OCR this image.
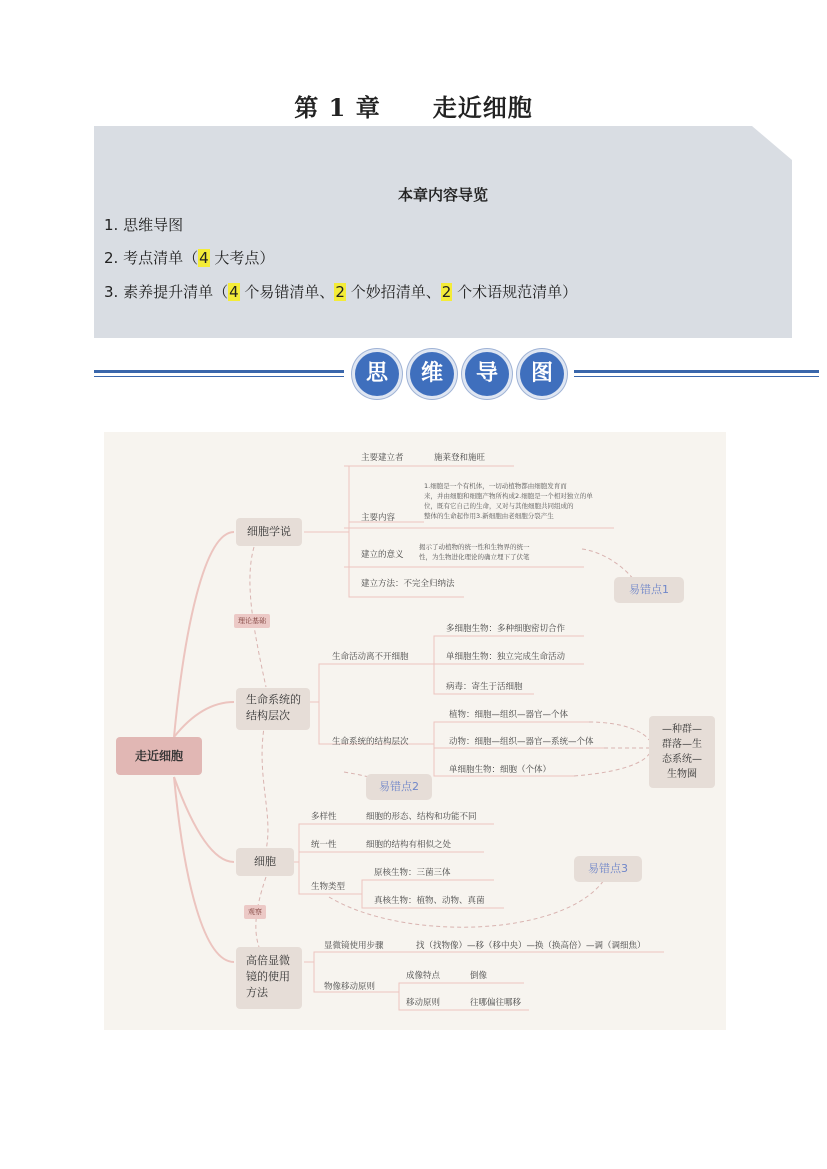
第 1 章 走近细胞
本章内容导览
1. 思维导图
2. 考点清单（4 大考点）
3. 素养提升清单（4 个易错清单、2 个妙招清单、2 个术语规范清单）
思	维	导	图
走近细胞
细胞学说
主要建立者	施莱登和施旺
1.细胞是一个有机体，一切动植物都由细胞发育而
来，并由细胞和细胞产物所构成2.细胞是一个相对独立的单
位，既有它自己的生命，又对与其他细胞共同组成的
整体的生命起作用3.新细胞由老细胞分裂产生
主要内容
建立的意义
揭示了动植物的统一性和生物界的统一
性，为生物进化理论的确立埋下了伏笔
建立方法：不完全归纳法	易错点1
理论基础
生命系统的
结构层次
生命活动离不开细胞
多细胞生物：多种细胞密切合作
单细胞生物：独立完成生命活动
病毒：寄生于活细胞
生命系统的结构层次
植物：细胞—组织—器官—个体
动物：细胞—组织—器官—系统—个体
单细胞生物：细胞（个体）
—种群—
群落—生
态系统—
生物圈
易错点2
细胞
多样性	细胞的形态、结构和功能不同
统一性	细胞的结构有相似之处
生物类型
原核生物：三菌三体
真核生物：植物、动物、真菌
易错点3
观察
高倍显微
镜的使用
方法
显微镜使用步骤	找（找物像）—移（移中央）—换（换高倍）—调（调细焦）
物像移动原则
成像特点	倒像
移动原则	往哪偏往哪移
